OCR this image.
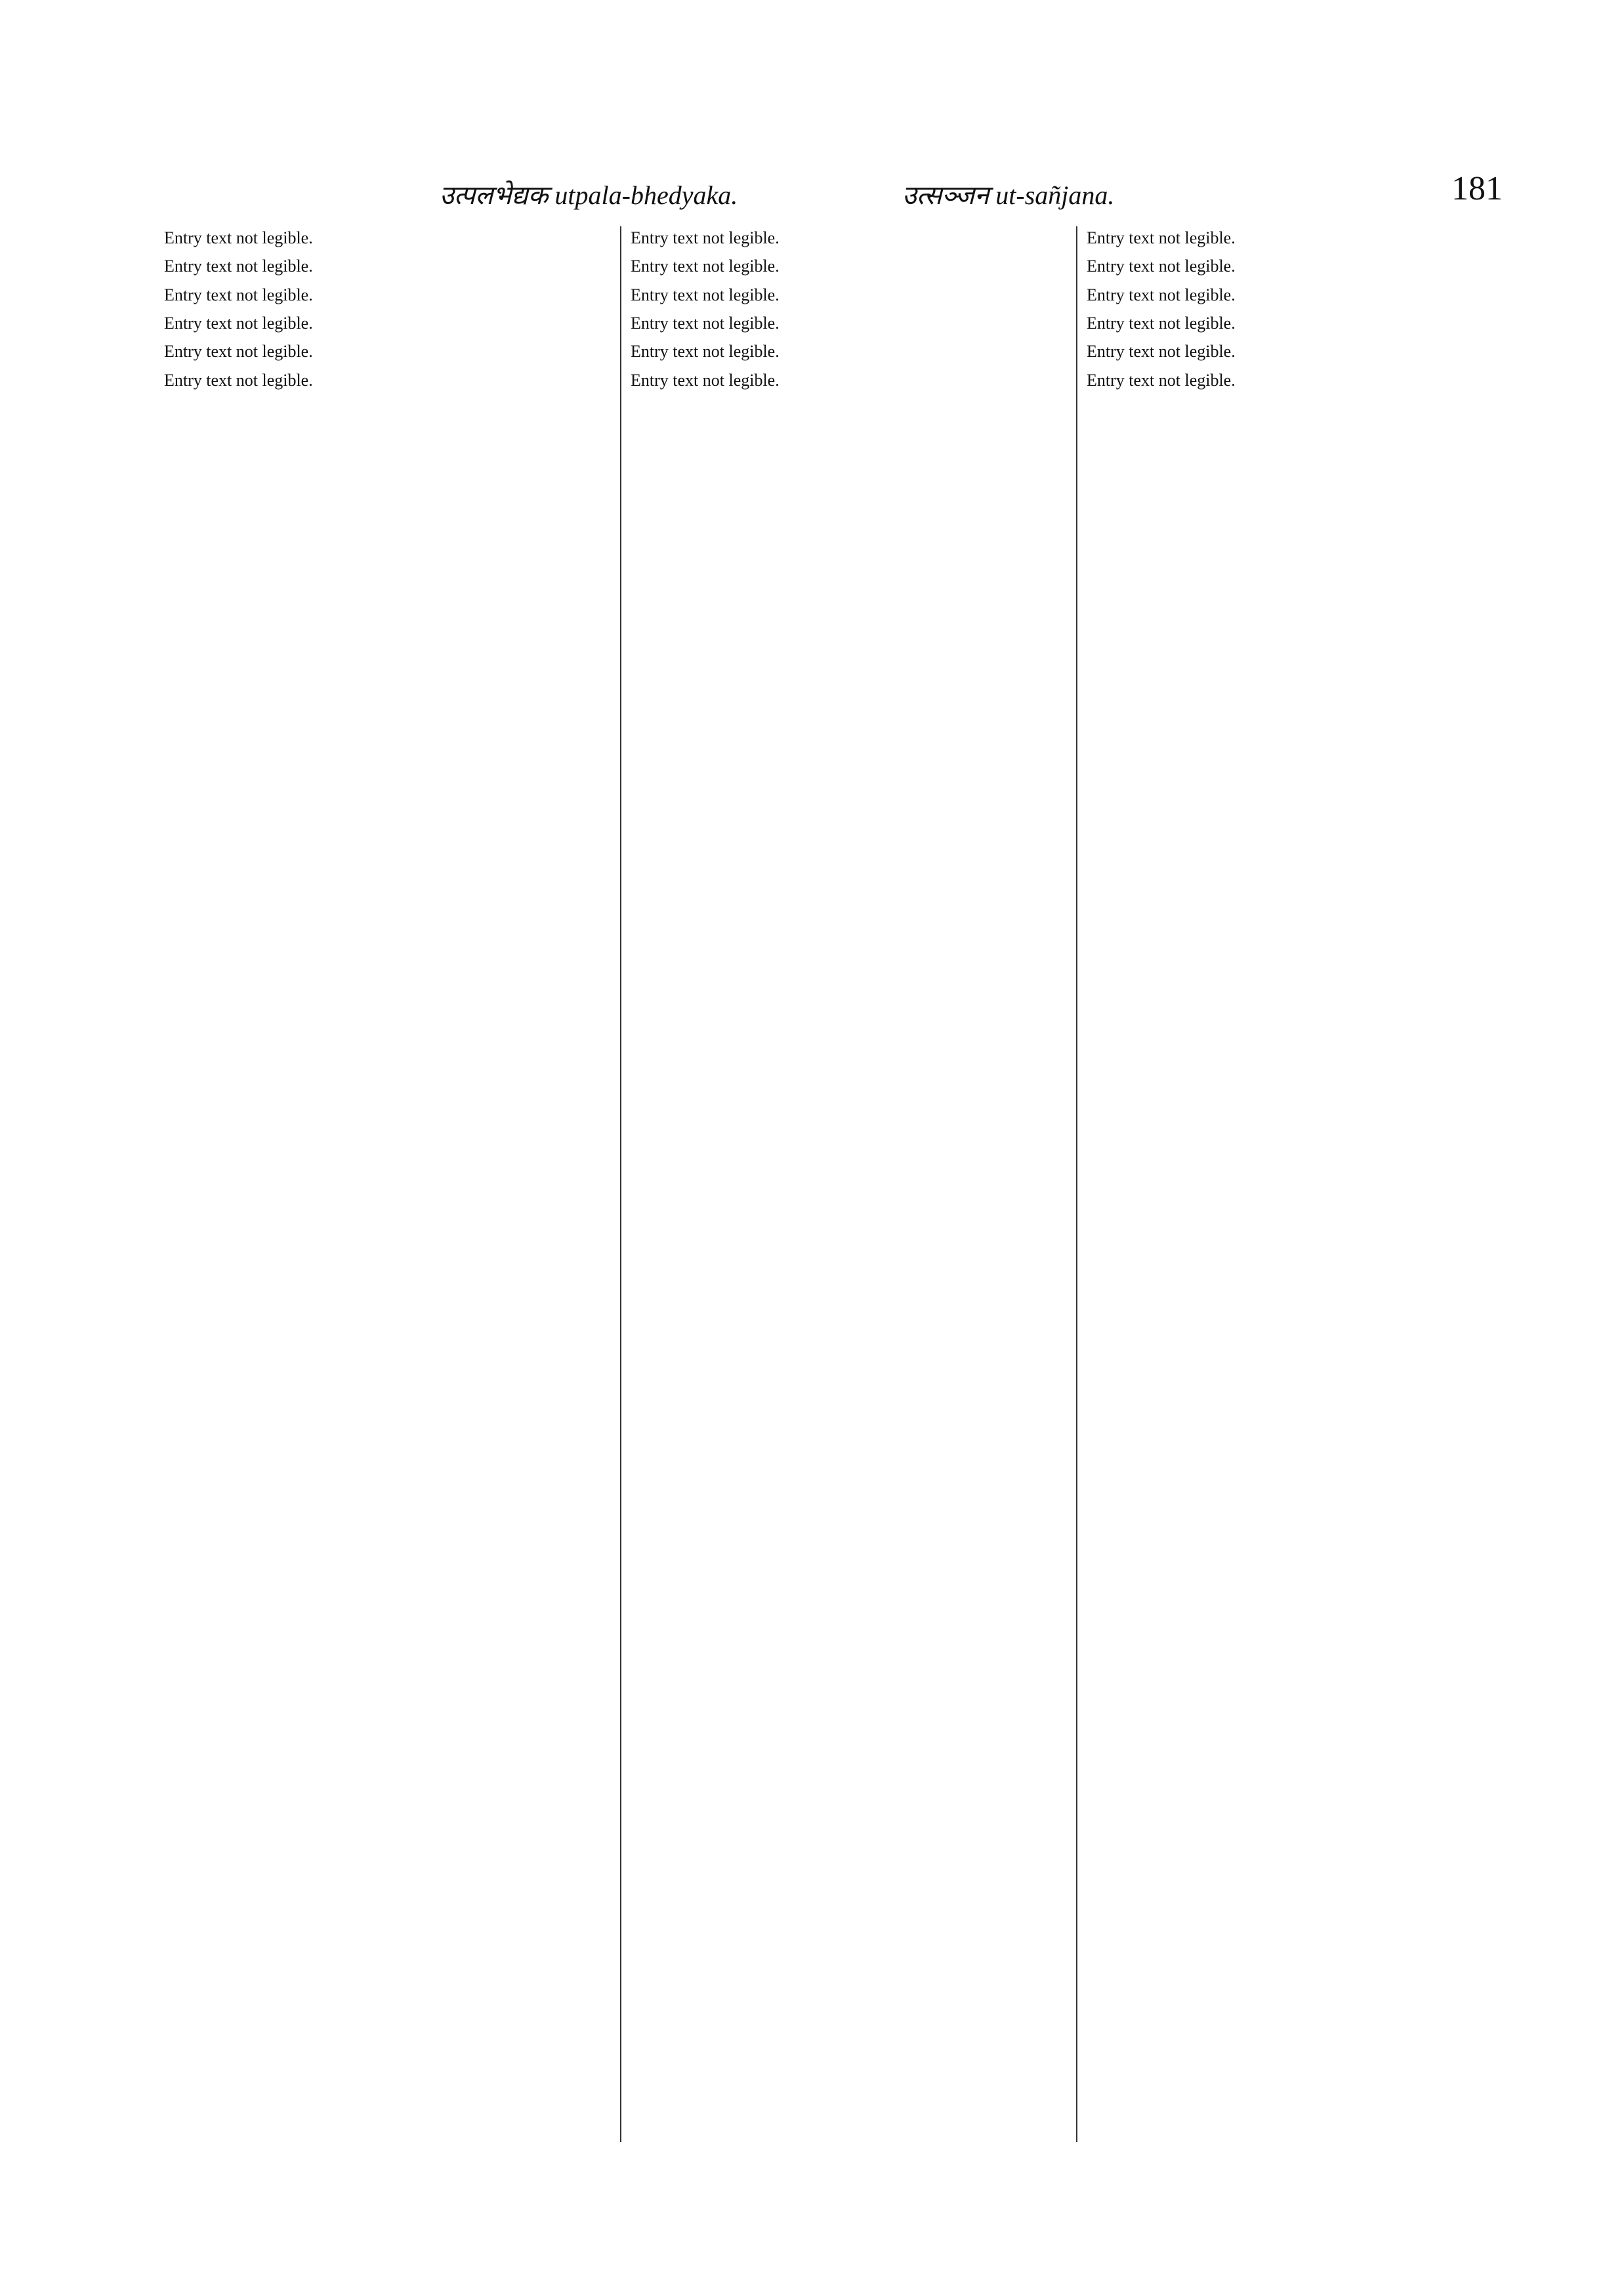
उत्पलभेद्यक utpala-bhedyaka.	उत्सञ्जन ut-sañjana.	181

Entry text not legible.

Entry text not legible.

Entry text not legible.

Entry text not legible.

Entry text not legible.

Entry text not legible.

Entry text not legible.

Entry text not legible.

Entry text not legible.

Entry text not legible.

Entry text not legible.

Entry text not legible.

Entry text not legible.

Entry text not legible.

Entry text not legible.

Entry text not legible.

Entry text not legible.

Entry text not legible.
